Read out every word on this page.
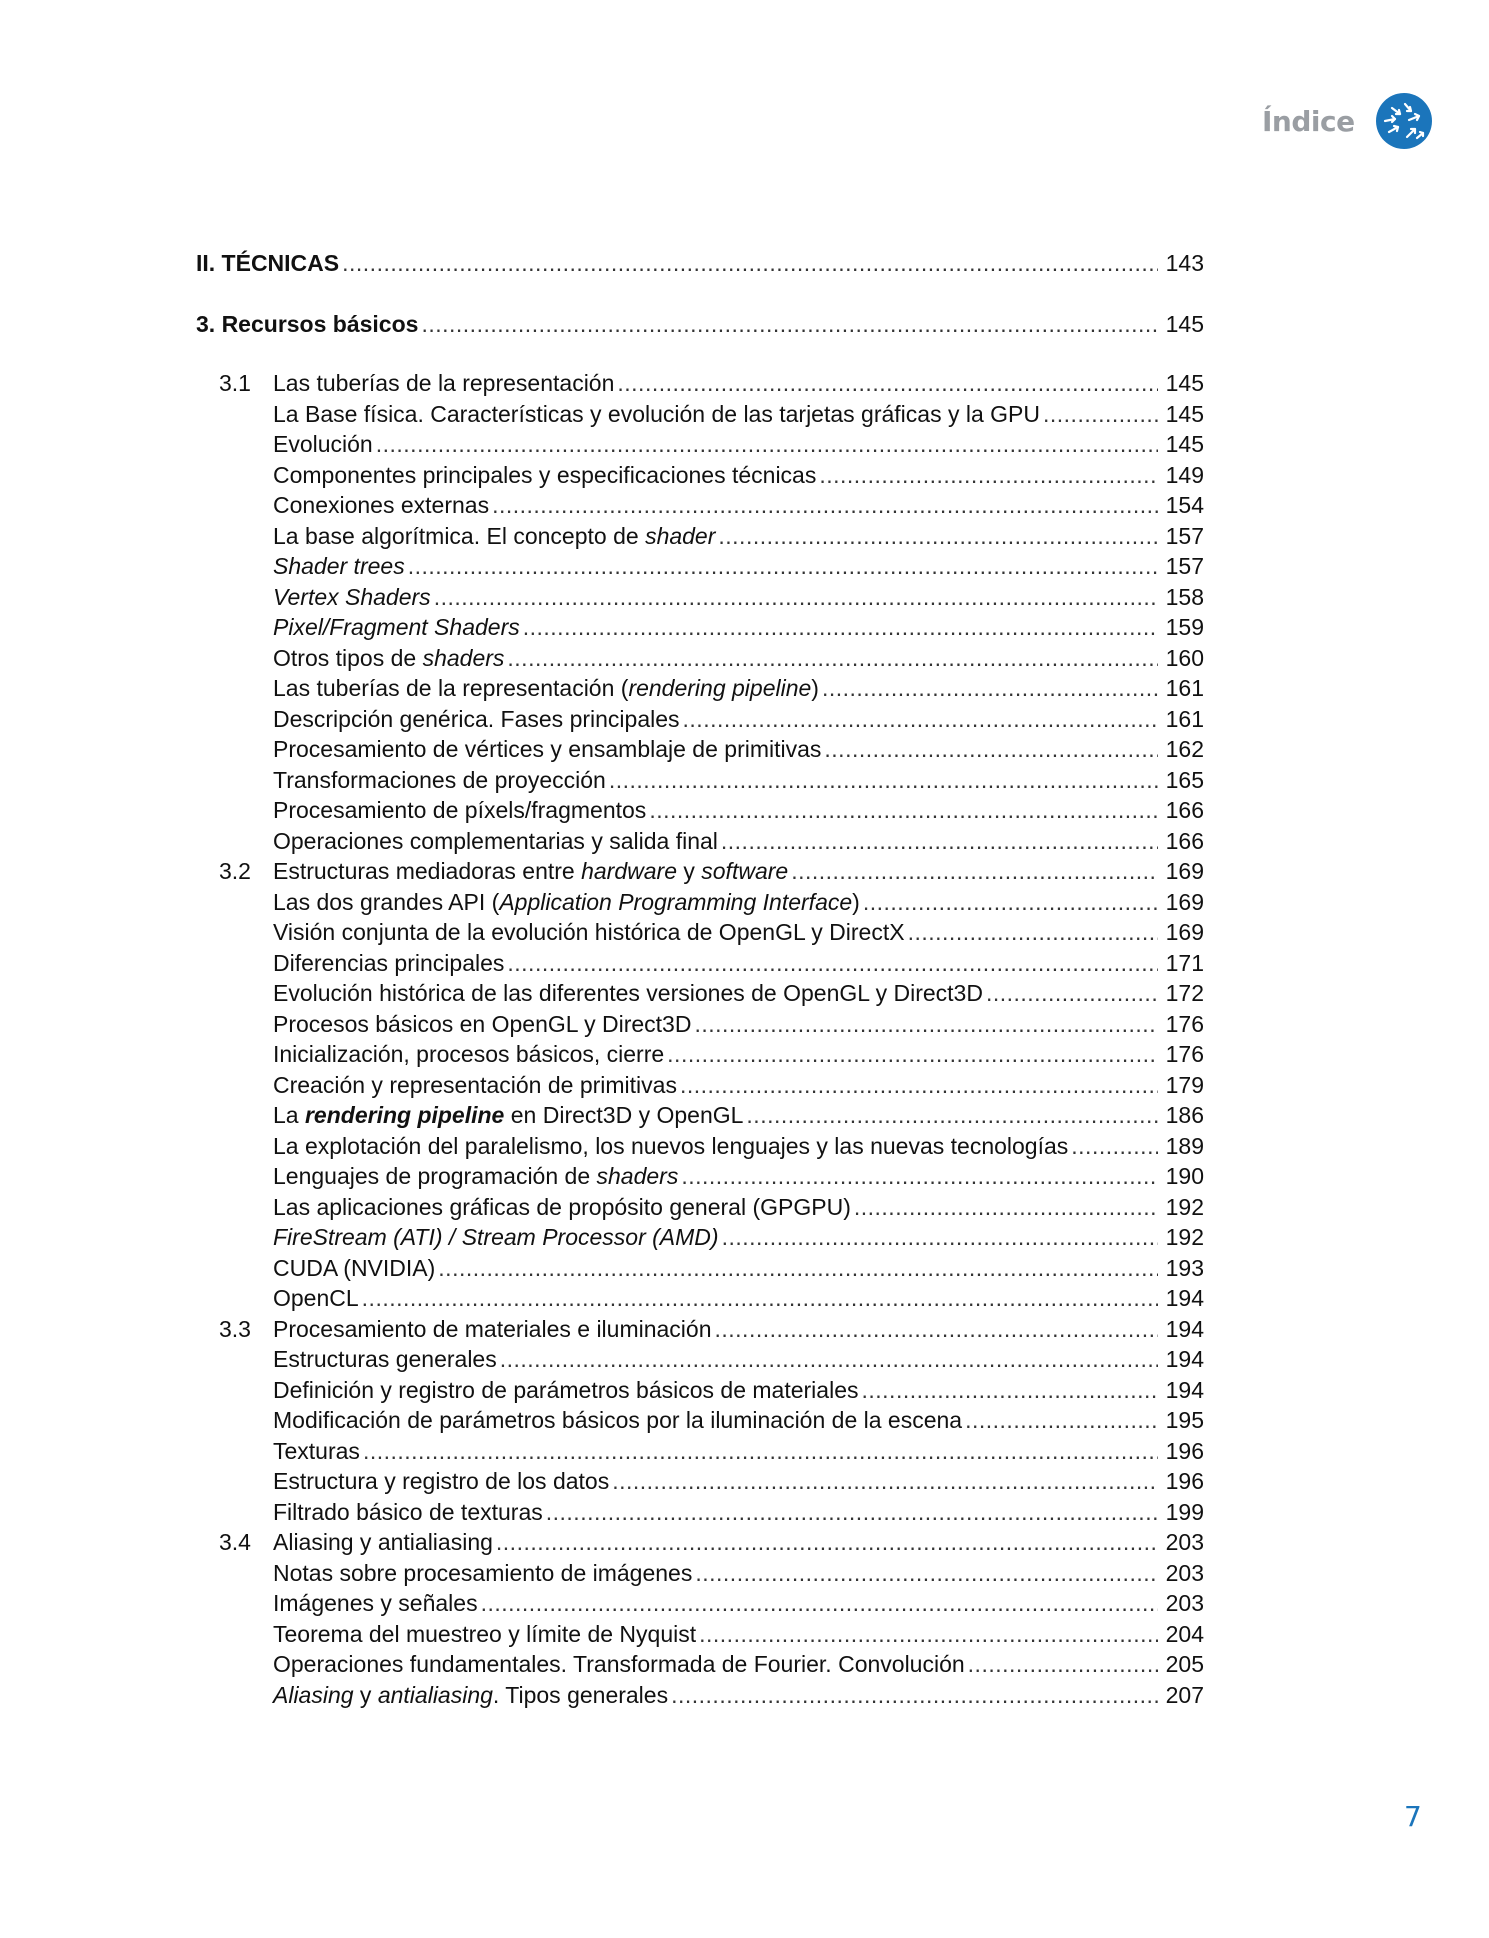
Índice
II. TÉCNICAS .....	143
3. Recursos básicos .....	145
3.1 Las tuberías de la representación .....	145
La Base física. Características y evolución de las tarjetas gráficas y la GPU .....	145
Evolución .....	145
Componentes principales y especificaciones técnicas .....	149
Conexiones externas .....	154
La base algorítmica. El concepto de shader .....	157
Shader trees .....	157
Vertex Shaders .....	158
Pixel/Fragment Shaders .....	159
Otros tipos de shaders .....	160
Las tuberías de la representación (rendering pipeline) .....	161
Descripción genérica. Fases principales .....	161
Procesamiento de vértices y ensamblaje de primitivas .....	162
Transformaciones de proyección .....	165
Procesamiento de píxels/fragmentos .....	166
Operaciones complementarias y salida final .....	166
3.2 Estructuras mediadoras entre hardware y software .....	169
Las dos grandes API (Application Programming Interface) .....	169
Visión conjunta de la evolución histórica de OpenGL y DirectX .....	169
Diferencias principales .....	171
Evolución histórica de las diferentes versiones de OpenGL y Direct3D .....	172
Procesos básicos en OpenGL y Direct3D .....	176
Inicialización, procesos básicos, cierre .....	176
Creación y representación de primitivas .....	179
La rendering pipeline en Direct3D y OpenGL .....	186
La explotación del paralelismo, los nuevos lenguajes y las nuevas tecnologías .....	189
Lenguajes de programación de shaders .....	190
Las aplicaciones gráficas de propósito general (GPGPU) .....	192
FireStream (ATI) / Stream Processor (AMD) .....	192
CUDA (NVIDIA) .....	193
OpenCL .....	194
3.3 Procesamiento de materiales e iluminación .....	194
Estructuras generales .....	194
Definición y registro de parámetros básicos de materiales .....	194
Modificación de parámetros básicos por la iluminación de la escena .....	195
Texturas .....	196
Estructura y registro de los datos .....	196
Filtrado básico de texturas .....	199
3.4 Aliasing y antialiasing .....	203
Notas sobre procesamiento de imágenes .....	203
Imágenes y señales .....	203
Teorema del muestreo y límite de Nyquist .....	204
Operaciones fundamentales. Transformada de Fourier. Convolución .....	205
Aliasing y antialiasing. Tipos generales .....	207
7
